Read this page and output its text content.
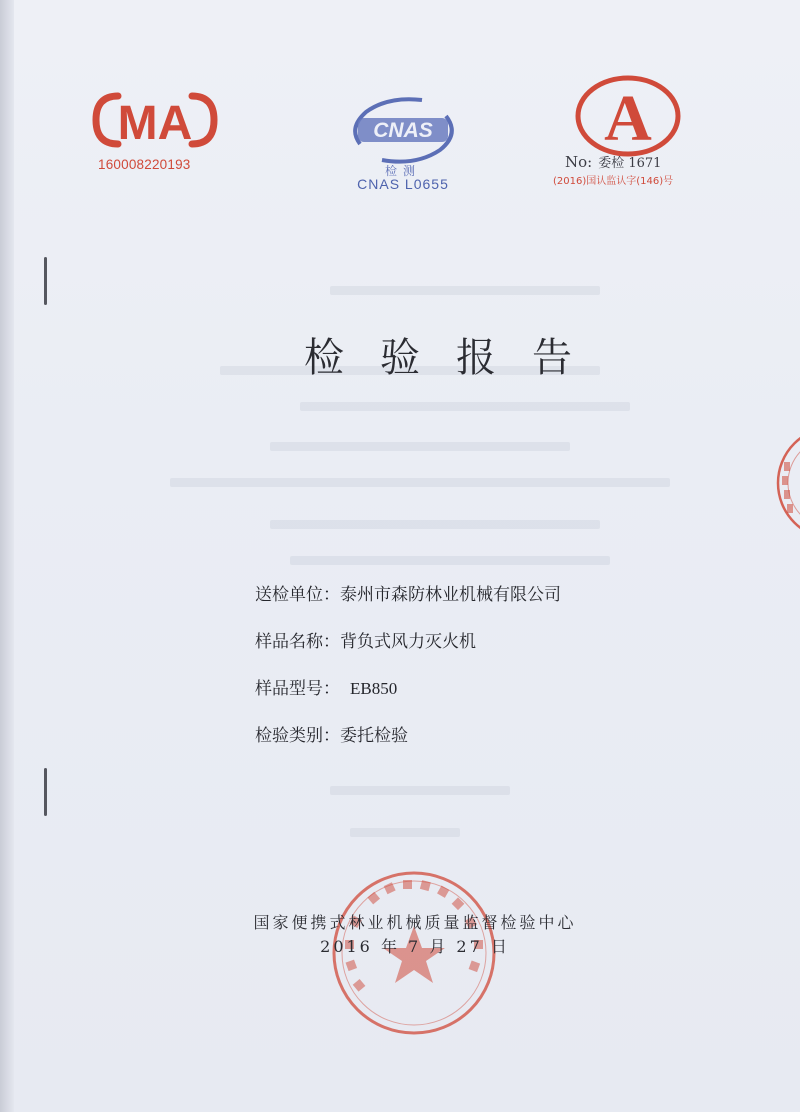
MA
160008220193
CNAS
检测
CNAS L0655
A
No: 委检 1671
(2016)国认监认字(146)号
检验报告
送检单位：泰州市森防林业机械有限公司
样品名称：背负式风力灭火机
样品型号： EB850
检验类别：委托检验
国家便携式林业机械质量监督检验中心
2016 年 7 月 27 日
